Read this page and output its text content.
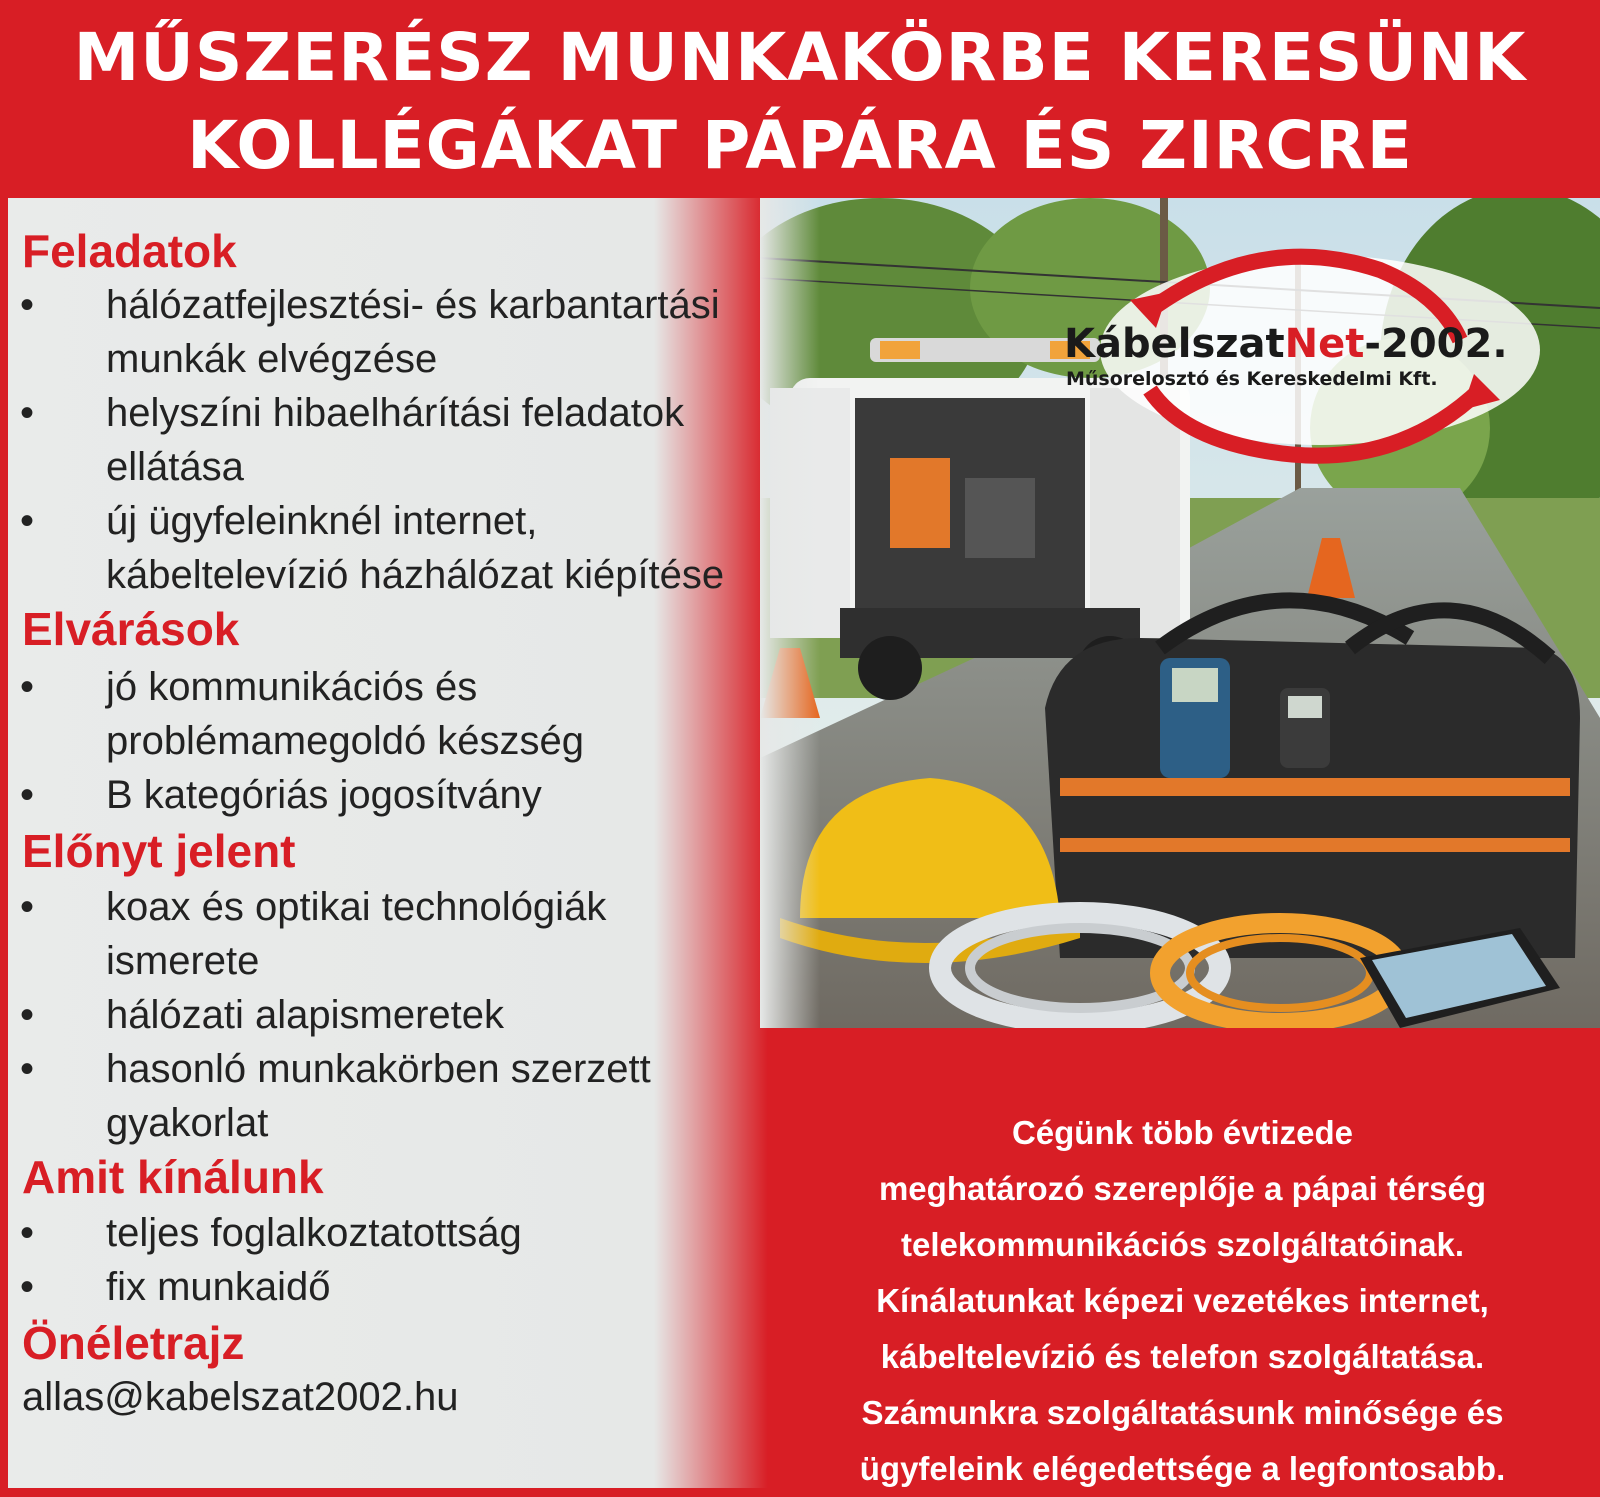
MŰSZERÉSZ MUNKAKÖRBE KERESÜNK
KOLLÉGÁKAT PÁPÁRA ÉS ZIRCRE
KábelszatNet-2002.
Műsorelosztó és Kereskedelmi Kft.
Feladatok
• hálózatfejlesztési- és karbantartási
munkák elvégzése
• helyszíni hibaelhárítási feladatok
ellátása
• új ügyfeleinknél internet,
kábeltelevízió házhálózat kiépítése
Elvárások
• jó kommunikációs és
problémamegoldó készség
• B kategóriás jogosítvány
Előnyt jelent
• koax és optikai technológiák
ismerete
• hálózati alapismeretek
• hasonló munkakörben szerzett
gyakorlat
Amit kínálunk
• teljes foglalkoztatottság
• fix munkaidő
Önéletrajz
allas@kabelszat2002.hu
Cégünk több évtizede
meghatározó szereplője a pápai térség
telekommunikációs szolgáltatóinak.
Kínálatunkat képezi vezetékes internet,
kábeltelevízió és telefon szolgáltatása.
Számunkra szolgáltatásunk minősége és
ügyfeleink elégedettsége a legfontosabb.
